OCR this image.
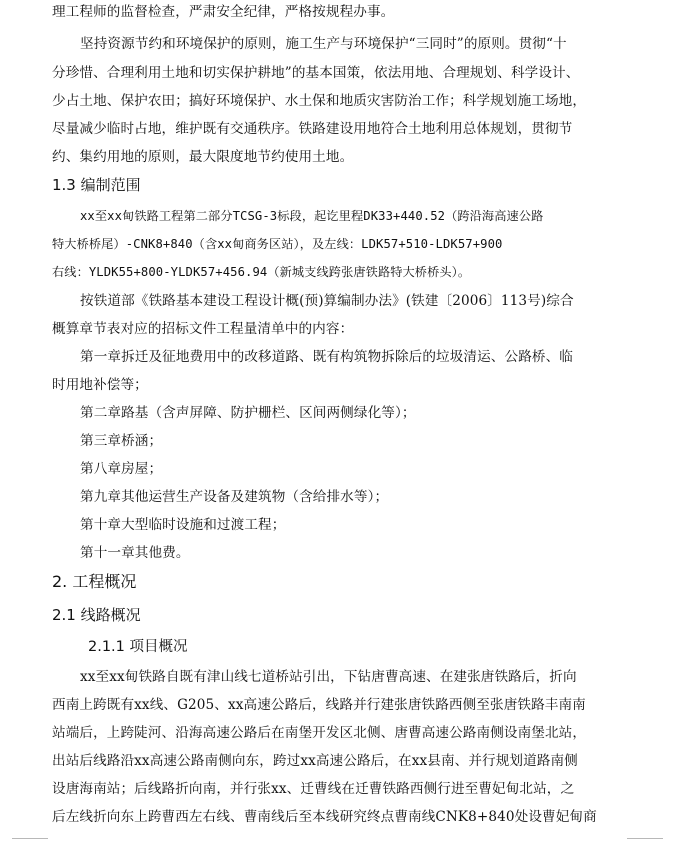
理工程师的监督检查，严肃安全纪律，严格按规程办事。
坚持资源节约和环境保护的原则，施工生产与环境保护“三同时”的原则。贯彻“十
分珍惜、合理利用土地和切实保护耕地”的基本国策，依法用地、合理规划、科学设计、
少占土地、保护农田；搞好环境保护、水土保和地质灾害防治工作；科学规划施工场地，
尽量减少临时占地，维护既有交通秩序。铁路建设用地符合土地利用总体规划，贯彻节
约、集约用地的原则，最大限度地节约使用土地。
1.3 编制范围
xx至xx甸铁路工程第二部分TCSG-3标段，起讫里程DK33+440.52（跨沿海高速公路
特大桥桥尾）-CNK8+840（含xx甸商务区站），及左线：LDK57+510-LDK57+900
右线：YLDK55+800-YLDK57+456.94（新城支线跨张唐铁路特大桥桥头）。
按铁道部《铁路基本建设工程设计概(预)算编制办法》(铁建〔2006〕113号)综合
概算章节表对应的招标文件工程量清单中的内容：
第一章拆迁及征地费用中的改移道路、既有构筑物拆除后的垃圾清运、公路桥、临
时用地补偿等；
第二章路基（含声屏障、防护栅栏、区间两侧绿化等）；
第三章桥涵；
第八章房屋；
第九章其他运营生产设备及建筑物（含给排水等）；
第十章大型临时设施和过渡工程；
第十一章其他费。
2. 工程概况
2.1 线路概况
2.1.1 项目概况
xx至xx甸铁路自既有津山线七道桥站引出，下钻唐曹高速、在建张唐铁路后，折向
西南上跨既有xx线、G205、xx高速公路后，线路并行建张唐铁路西侧至张唐铁路丰南南
站端后，上跨陡河、沿海高速公路后在南堡开发区北侧、唐曹高速公路南侧设南堡北站，
出站后线路沿xx高速公路南侧向东，跨过xx高速公路后，在xx县南、并行规划道路南侧
设唐海南站；后线路折向南，并行张xx、迁曹线在迁曹铁路西侧行进至曹妃甸北站，之
后左线折向东上跨曹西左右线、曹南线后至本线研究终点曹南线CNK8+840处设曹妃甸商
